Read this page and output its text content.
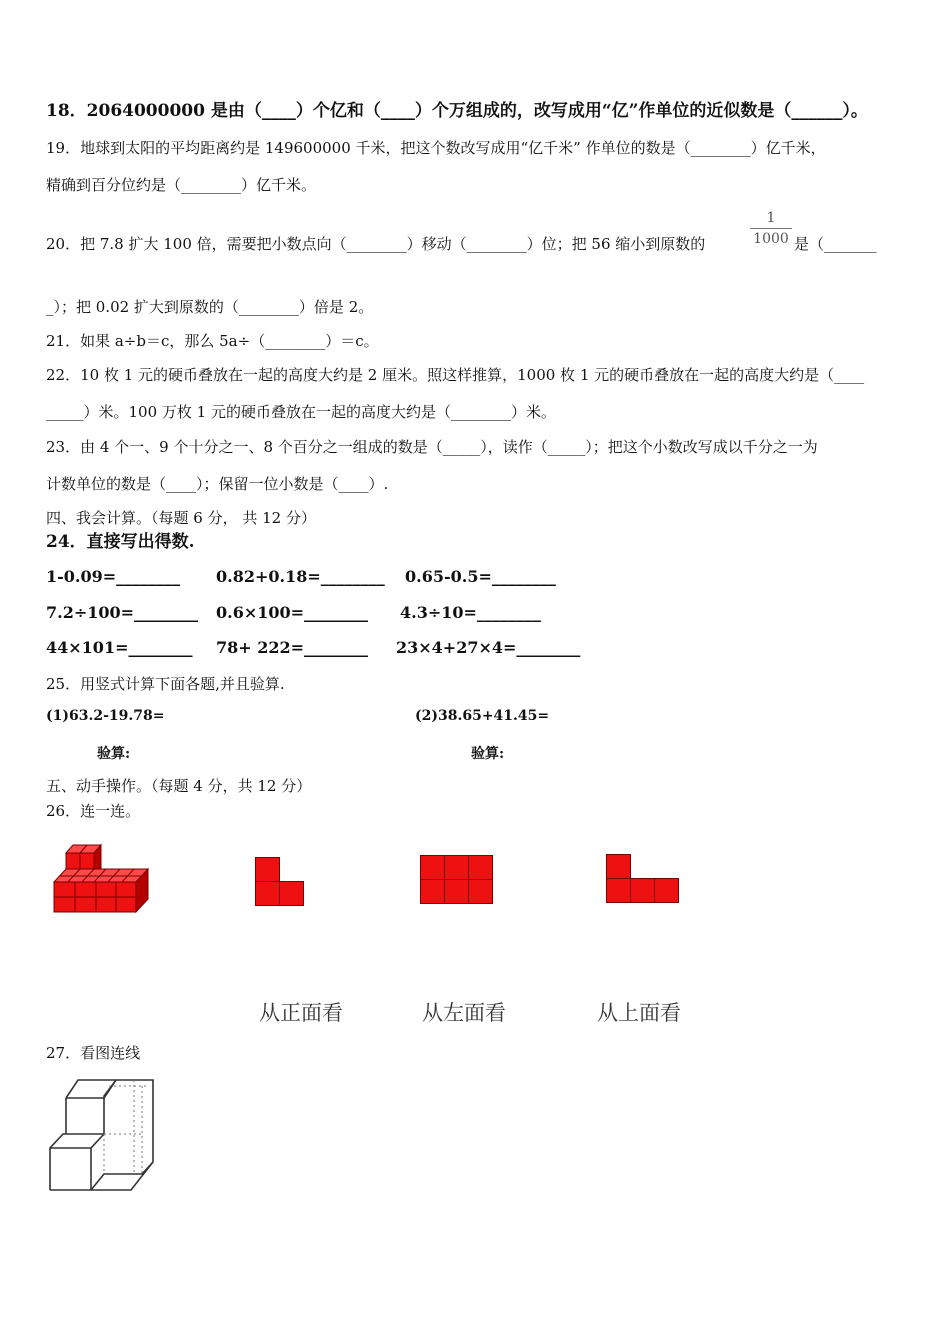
18．2064000000 是由（____）个亿和（____）个万组成的，改写成用“亿”作单位的近似数是（______）。
19．地球到太阳的平均距离约是 149600000 千米，把这个数改写成用“亿千米” 作单位的数是（________）亿千米，
精确到百分位约是（________）亿千米。
20．把 7.8 扩大 100 倍，需要把小数点向（________）移动（________）位；把 56 缩小到原数的	$\frac{1}{1000}$ 是（_______
_）；把 0.02 扩大到原数的（________）倍是 2。
21．如果 a÷b＝c，那么 5a÷（________）＝c。
22．10 枚 1 元的硬币叠放在一起的高度大约是 2 厘米。照这样推算，1000 枚 1 元的硬币叠放在一起的高度大约是（____
_____）米。100 万枚 1 元的硬币叠放在一起的高度大约是（________）米。
23．由 4 个一、9 个十分之一、8 个百分之一组成的数是（_____），读作（_____）；把这个小数改写成以千分之一为
计数单位的数是（____）；保留一位小数是（____）.
四、我会计算。（每题 6 分， 共 12 分）
24．直接写出得数.
1-0.09=________ 0.82+0.18=________ 0.65-0.5=________
7.2÷100=________ 0.6×100=________ 4.3÷10=________
44×101=________ 78+ 222=________ 23×4+27×4=________
25．用竖式计算下面各题,并且验算.
(1)63.2-19.78=	(2)38.65+41.45=
验算:	验算:
五、动手操作。（每题 4 分，共 12 分）
26．连一连。
从正面看	从左面看	从上面看
27．看图连线
